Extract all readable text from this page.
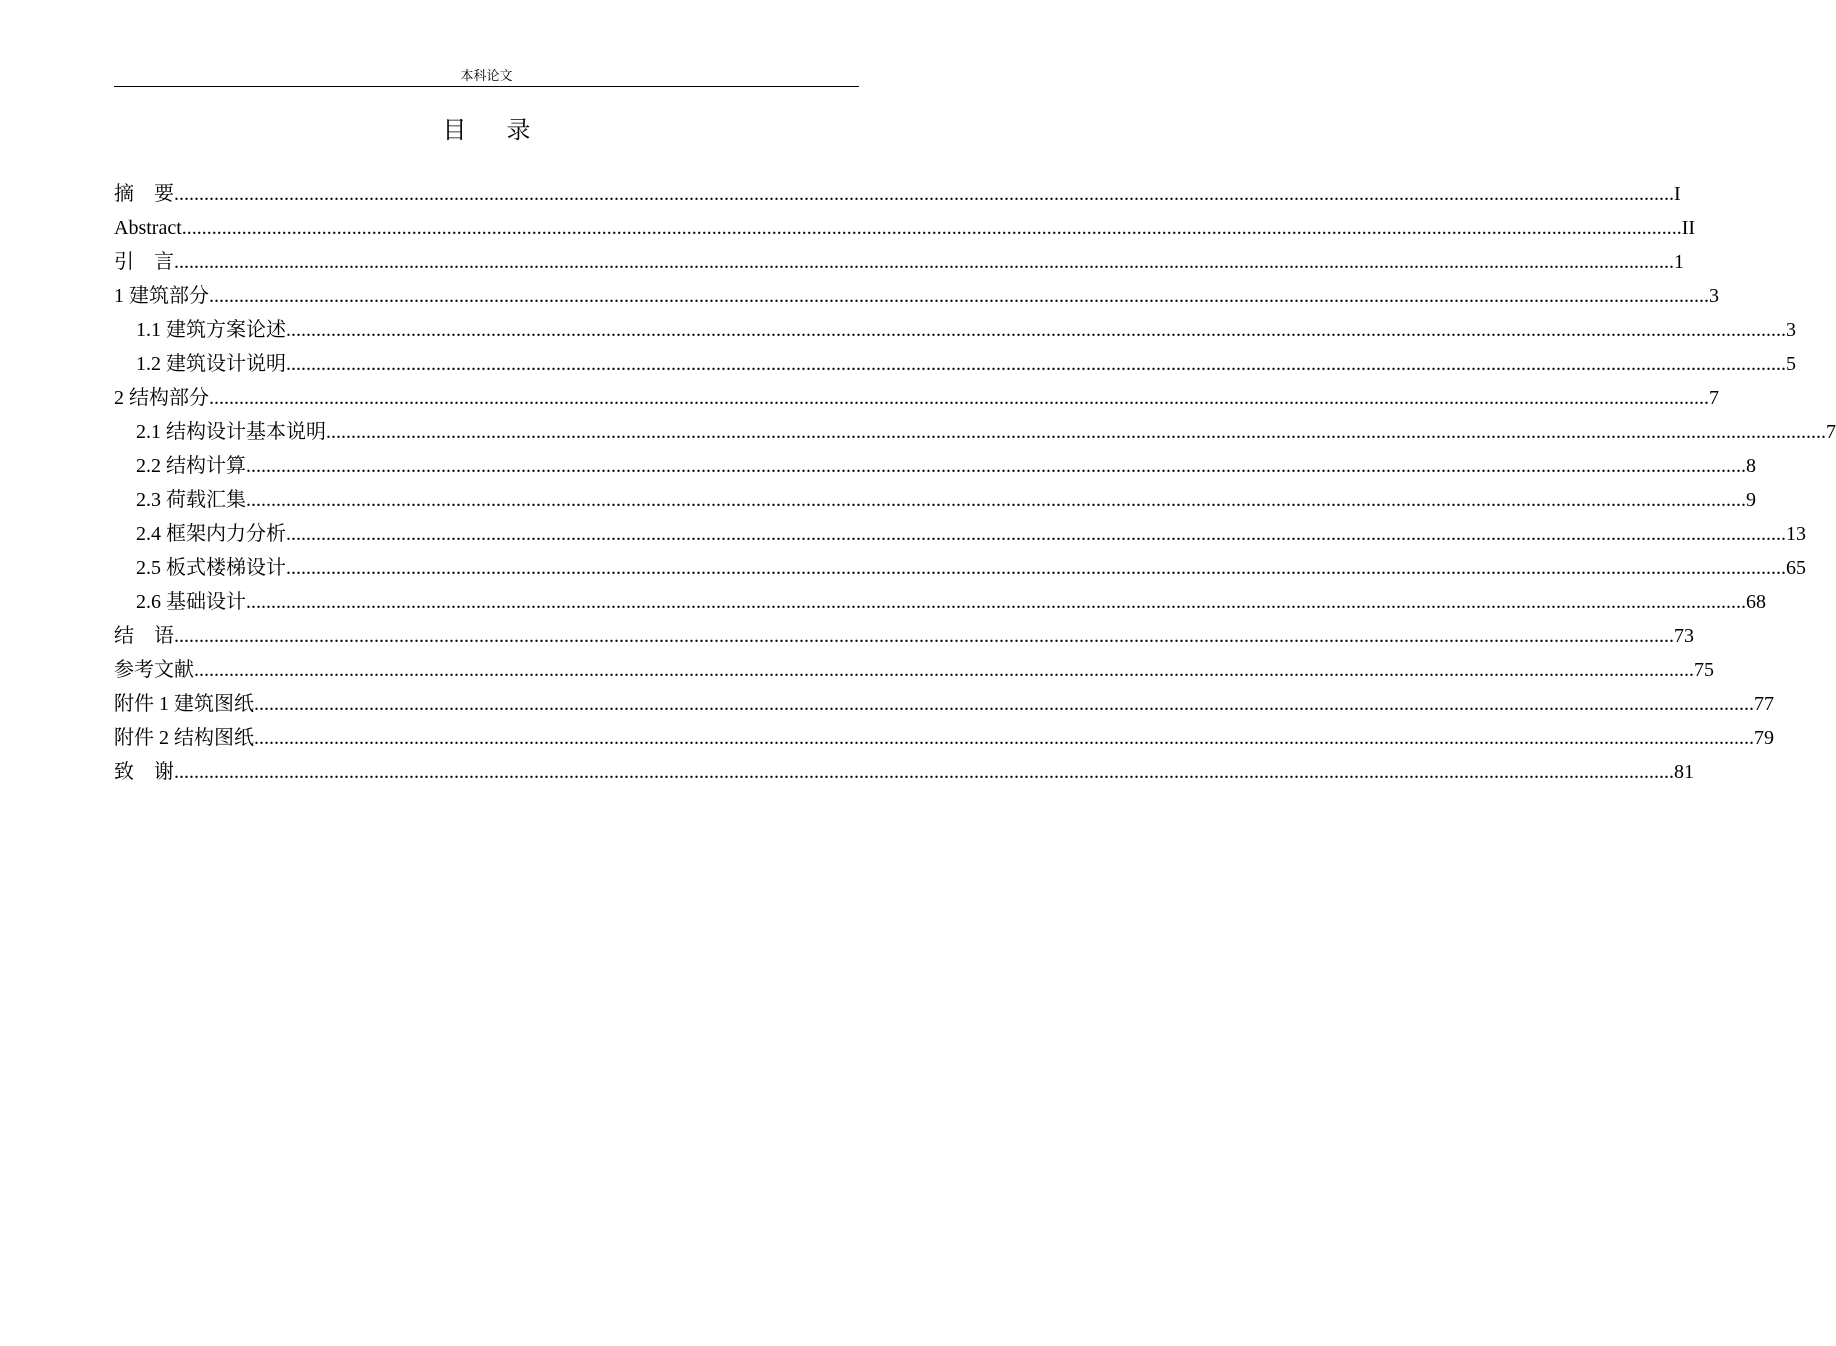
本科论文
目录
摘　要 ............................................................................................................................................................................................................................................................................................................ I
Abstract ............................................................................................................................................................................................................................................................................................................ II
引　言 ............................................................................................................................................................................................................................................................................................................ 1
1 建筑部分 ............................................................................................................................................................................................................................................................................................................ 3
1.1 建筑方案论述 ............................................................................................................................................................................................................................................................................................................ 3
1.2 建筑设计说明 ............................................................................................................................................................................................................................................................................................................ 5
2 结构部分 ............................................................................................................................................................................................................................................................................................................ 7
2.1 结构设计基本说明 ............................................................................................................................................................................................................................................................................................................ 7
2.2 结构计算 ............................................................................................................................................................................................................................................................................................................ 8
2.3 荷载汇集 ............................................................................................................................................................................................................................................................................................................ 9
2.4 框架内力分析 ............................................................................................................................................................................................................................................................................................................ 13
2.5 板式楼梯设计 ............................................................................................................................................................................................................................................................................................................ 65
2.6 基础设计 ............................................................................................................................................................................................................................................................................................................ 68
结　语 ............................................................................................................................................................................................................................................................................................................ 73
参考文献 ............................................................................................................................................................................................................................................................................................................ 75
附件 1 建筑图纸 ............................................................................................................................................................................................................................................................................................................ 77
附件 2 结构图纸 ............................................................................................................................................................................................................................................................................................................ 79
致　谢 ............................................................................................................................................................................................................................................................................................................ 81
